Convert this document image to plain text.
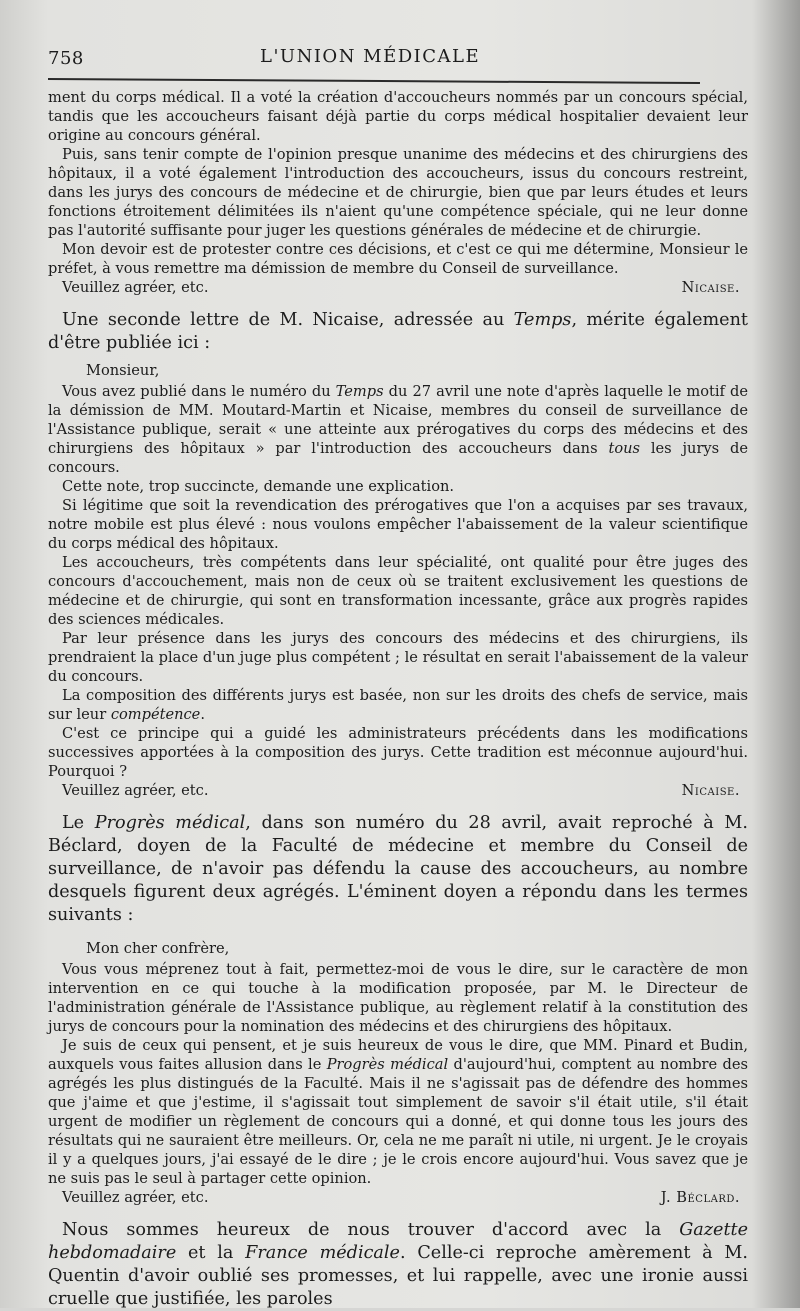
758	L'UNION MÉDICALE

ment du corps médical. Il a voté la création d'accoucheurs nommés par un concours spécial, tandis que les accoucheurs faisant déjà partie du corps médical hospitalier devaient leur origine au concours général.

Puis, sans tenir compte de l'opinion presque unanime des médecins et des chirurgiens des hôpitaux, il a voté également l'introduction des accoucheurs, issus du concours restreint, dans les jurys des concours de médecine et de chirurgie, bien que par leurs études et leurs fonctions étroitement délimitées ils n'aient qu'une compétence spéciale, qui ne leur donne pas l'autorité suffisante pour juger les questions générales de médecine et de chirurgie.

Mon devoir est de protester contre ces décisions, et c'est ce qui me détermine, Monsieur le préfet, à vous remettre ma démission de membre du Conseil de surveillance.

Veuillez agréer, etc.	Nicaise.

Une seconde lettre de M. Nicaise, adressée au Temps, mérite également d'être publiée ici :

Monsieur,

Vous avez publié dans le numéro du Temps du 27 avril une note d'après laquelle le motif de la démission de MM. Moutard-Martin et Nicaise, membres du conseil de surveillance de l'Assistance publique, serait « une atteinte aux prérogatives du corps des médecins et des chirurgiens des hôpitaux » par l'introduction des accoucheurs dans tous les jurys de concours.

Cette note, trop succincte, demande une explication.

Si légitime que soit la revendication des prérogatives que l'on a acquises par ses travaux, notre mobile est plus élevé : nous voulons empêcher l'abaissement de la valeur scientifique du corps médical des hôpitaux.

Les accoucheurs, très compétents dans leur spécialité, ont qualité pour être juges des concours d'accouchement, mais non de ceux où se traitent exclusivement les questions de médecine et de chirurgie, qui sont en transformation incessante, grâce aux progrès rapides des sciences médicales.

Par leur présence dans les jurys des concours des médecins et des chirurgiens, ils prendraient la place d'un juge plus compétent ; le résultat en serait l'abaissement de la valeur du concours.

La composition des différents jurys est basée, non sur les droits des chefs de service, mais sur leur compétence.

C'est ce principe qui a guidé les administrateurs précédents dans les modifications successives apportées à la composition des jurys. Cette tradition est méconnue aujourd'hui. Pourquoi ?

Veuillez agréer, etc.	Nicaise.

Le Progrès médical, dans son numéro du 28 avril, avait reproché à M. Béclard, doyen de la Faculté de médecine et membre du Conseil de surveillance, de n'avoir pas défendu la cause des accoucheurs, au nombre desquels figurent deux agrégés. L'éminent doyen a répondu dans les termes suivants :

Mon cher confrère,

Vous vous méprenez tout à fait, permettez-moi de vous le dire, sur le caractère de mon intervention en ce qui touche à la modification proposée, par M. le Directeur de l'administration générale de l'Assistance publique, au règlement relatif à la constitution des jurys de concours pour la nomination des médecins et des chirurgiens des hôpitaux.

Je suis de ceux qui pensent, et je suis heureux de vous le dire, que MM. Pinard et Budin, auxquels vous faites allusion dans le Progrès médical d'aujourd'hui, comptent au nombre des agrégés les plus distingués de la Faculté. Mais il ne s'agissait pas de défendre des hommes que j'aime et que j'estime, il s'agissait tout simplement de savoir s'il était utile, s'il était urgent de modifier un règlement de concours qui a donné, et qui donne tous les jours des résultats qui ne sauraient être meilleurs. Or, cela ne me paraît ni utile, ni urgent. Je le croyais il y a quelques jours, j'ai essayé de le dire ; je le crois encore aujourd'hui. Vous savez que je ne suis pas le seul à partager cette opinion.

Veuillez agréer, etc.	J. Béclard.

Nous sommes heureux de nous trouver d'accord avec la Gazette hebdomadaire et la France médicale. Celle-ci reproche amèrement à M. Quentin d'avoir oublié ses promesses, et lui rappelle, avec une ironie aussi cruelle que justifiée, les paroles
